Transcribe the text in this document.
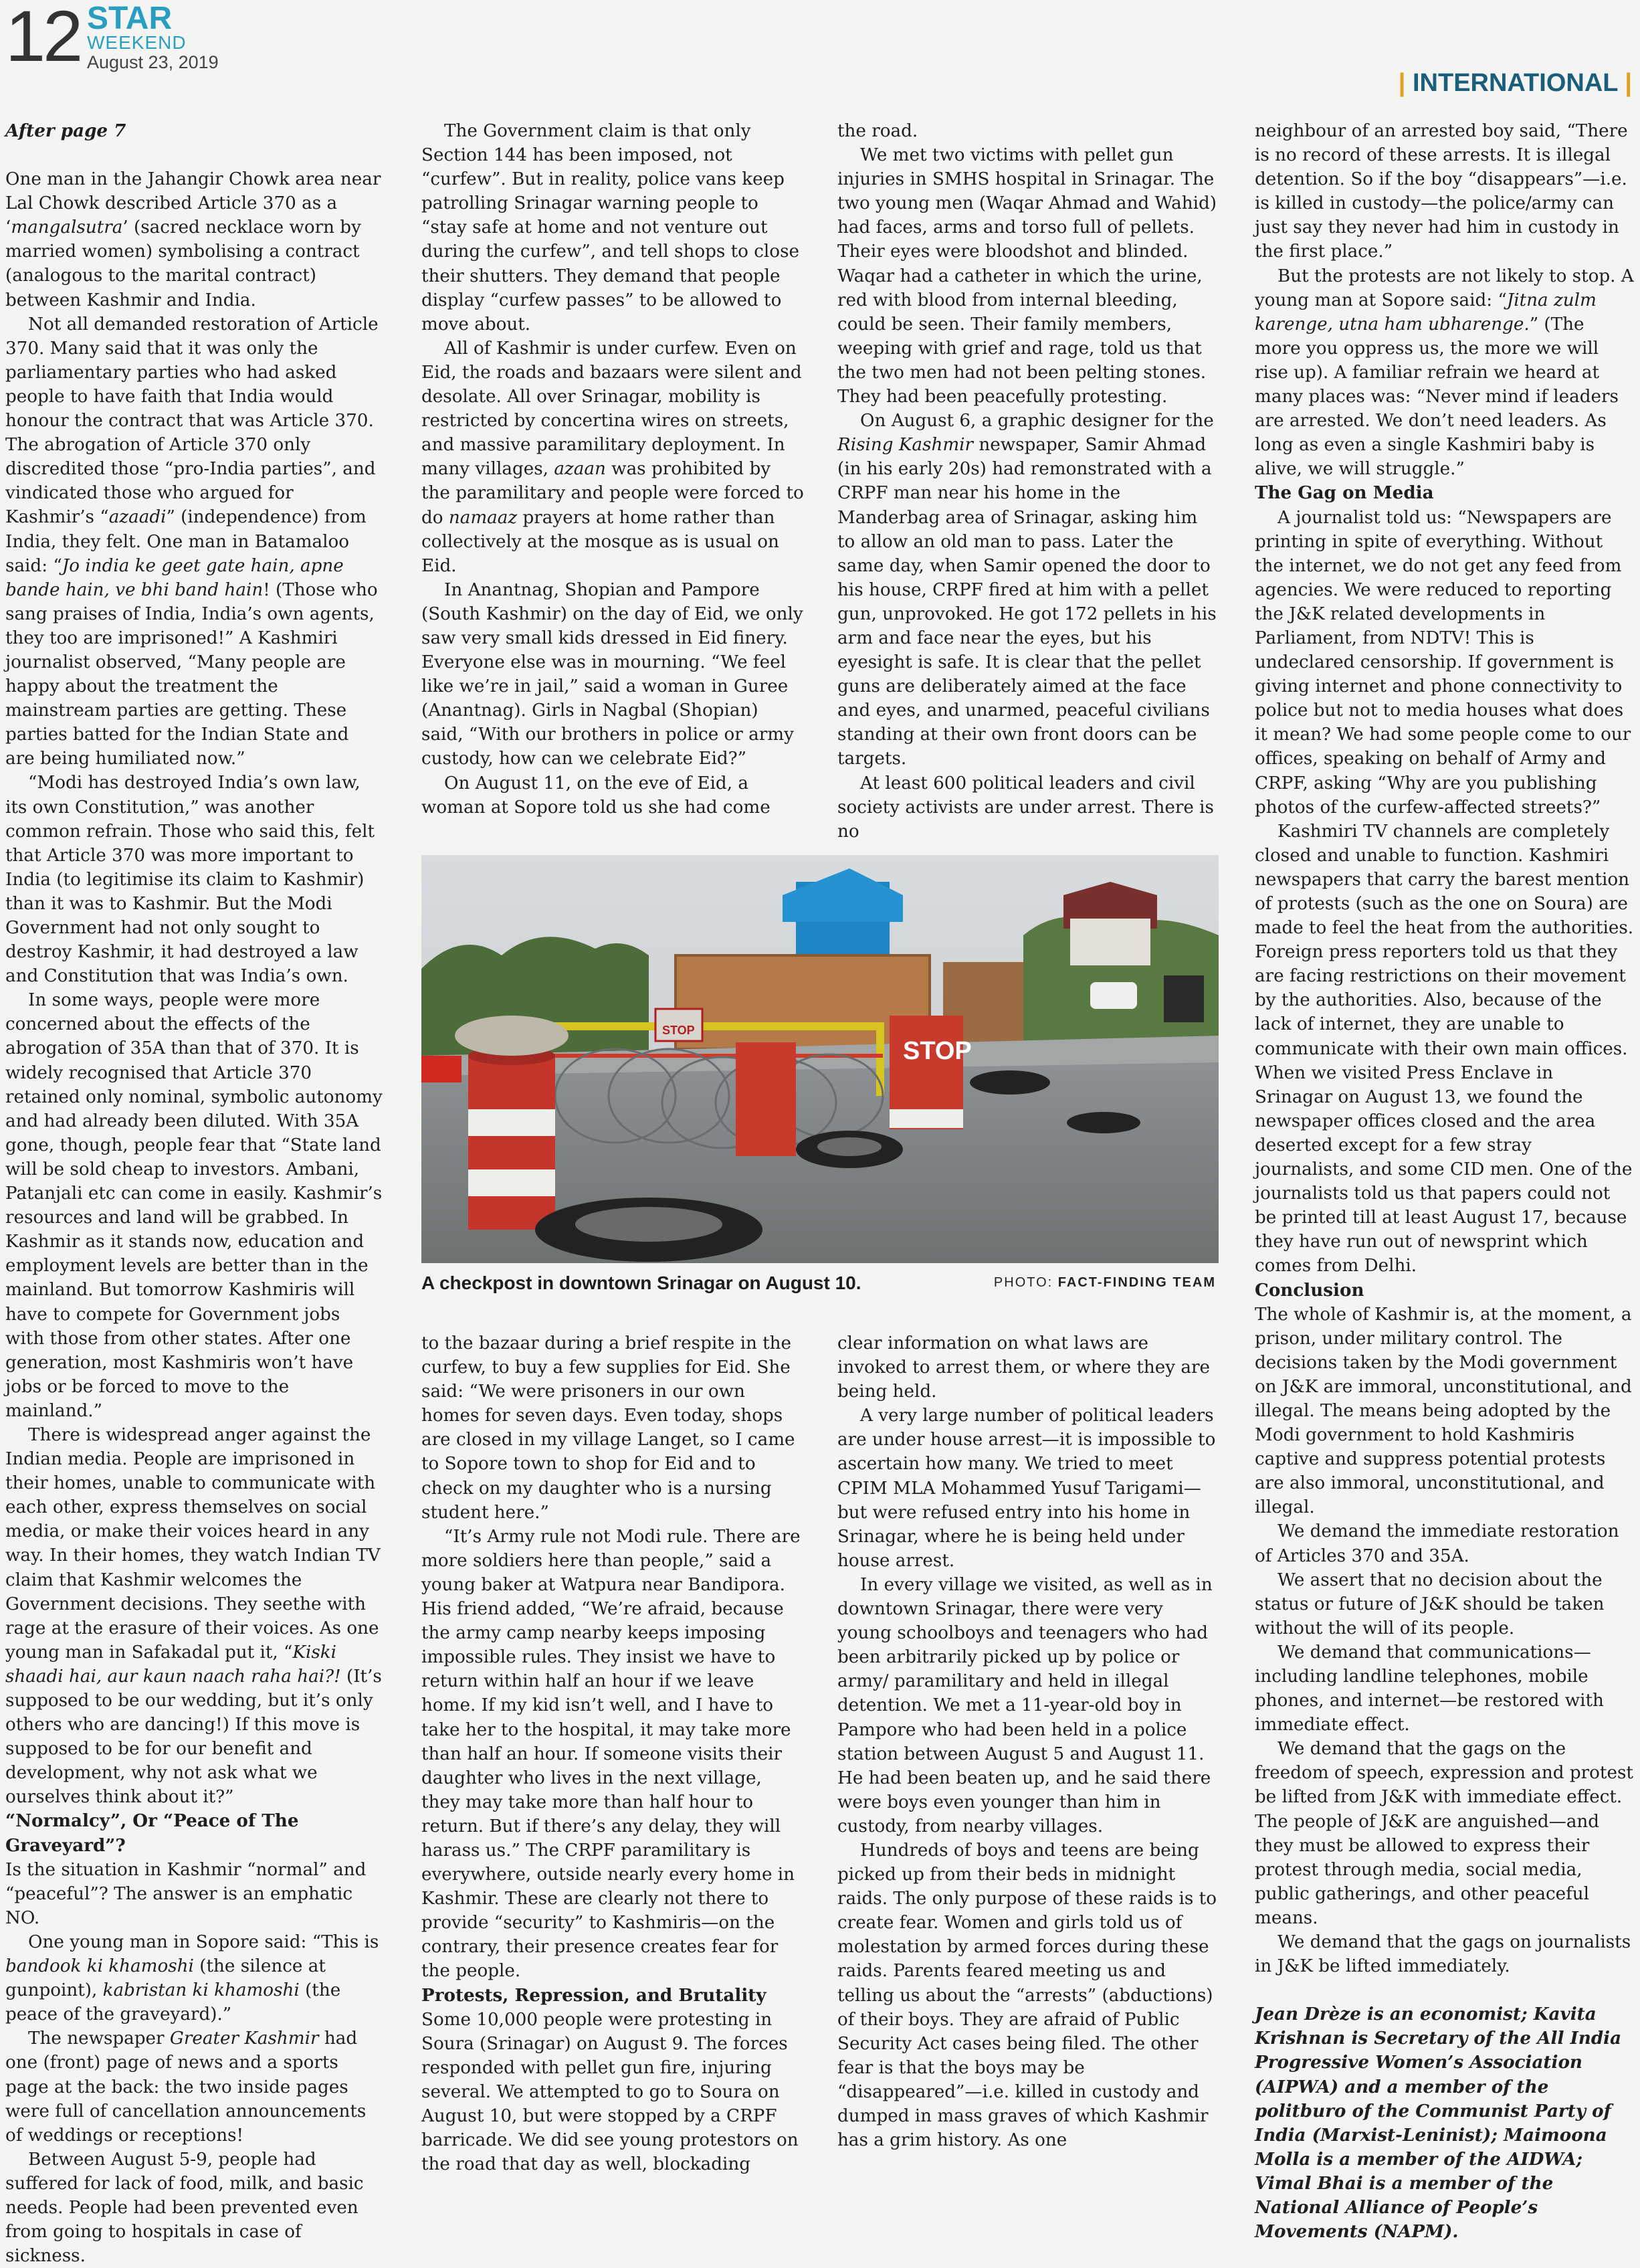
12 STAR
WEEKEND
August 23, 2019
| INTERNATIONAL |

After page 7

One man in the Jahangir Chowk area near Lal Chowk described Article 370 as a ‘mangalsutra’ (sacred necklace worn by married women) symbolising a contract (analogous to the marital contract) between Kashmir and India.

Not all demanded restoration of Article 370. Many said that it was only the parliamentary parties who had asked people to have faith that India would honour the contract that was Article 370. The abrogation of Article 370 only discredited those “pro-India parties”, and vindicated those who argued for Kashmir’s “azaadi” (independence) from India, they felt. One man in Batamaloo said: “Jo india ke geet gate hain, apne bande hain, ve bhi band hain! (Those who sang praises of India, India’s own agents, they too are imprisoned!” A Kashmiri journalist observed, “Many people are happy about the treatment the mainstream parties are getting. These parties batted for the Indian State and are being humiliated now.”

“Modi has destroyed India’s own law, its own Constitution,” was another common refrain. Those who said this, felt that Article 370 was more important to India (to legitimise its claim to Kashmir) than it was to Kashmir. But the Modi Government had not only sought to destroy Kashmir, it had destroyed a law and Constitution that was India’s own.

In some ways, people were more concerned about the effects of the abrogation of 35A than that of 370. It is widely recognised that Article 370 retained only nominal, symbolic autonomy and had already been diluted. With 35A gone, though, people fear that “State land will be sold cheap to investors. Ambani, Patanjali etc can come in easily. Kashmir’s resources and land will be grabbed. In Kashmir as it stands now, education and employment levels are better than in the mainland. But tomorrow Kashmiris will have to compete for Government jobs with those from other states. After one generation, most Kashmiris won’t have jobs or be forced to move to the mainland.”

There is widespread anger against the Indian media. People are imprisoned in their homes, unable to communicate with each other, express themselves on social media, or make their voices heard in any way. In their homes, they watch Indian TV claim that Kashmir welcomes the Government decisions. They seethe with rage at the erasure of their voices. As one young man in Safakadal put it, “Kiski shaadi hai, aur kaun naach raha hai?! (It’s supposed to be our wedding, but it’s only others who are dancing!) If this move is supposed to be for our benefit and development, why not ask what we ourselves think about it?”

“Normalcy”, Or “Peace of The Graveyard”?

Is the situation in Kashmir “normal” and “peaceful”? The answer is an emphatic NO.

One young man in Sopore said: “This is bandook ki khamoshi (the silence at gunpoint), kabristan ki khamoshi (the peace of the graveyard).”

The newspaper Greater Kashmir had one (front) page of news and a sports page at the back: the two inside pages were full of cancellation announcements of weddings or receptions!

Between August 5-9, people had suffered for lack of food, milk, and basic needs. People had been prevented even from going to hospitals in case of sickness.

The Government claim is that only Section 144 has been imposed, not “curfew”. But in reality, police vans keep patrolling Srinagar warning people to “stay safe at home and not venture out during the curfew”, and tell shops to close their shutters. They demand that people display “curfew passes” to be allowed to move about.

All of Kashmir is under curfew. Even on Eid, the roads and bazaars were silent and desolate. All over Srinagar, mobility is restricted by concertina wires on streets, and massive paramilitary deployment. In many villages, azaan was prohibited by the paramilitary and people were forced to do namaaz prayers at home rather than collectively at the mosque as is usual on Eid.

In Anantnag, Shopian and Pampore (South Kashmir) on the day of Eid, we only saw very small kids dressed in Eid finery. Everyone else was in mourning. “We feel like we’re in jail,” said a woman in Guree (Anantnag). Girls in Nagbal (Shopian) said, “With our brothers in police or army custody, how can we celebrate Eid?”

On August 11, on the eve of Eid, a woman at Sopore told us she had come

the road.

We met two victims with pellet gun injuries in SMHS hospital in Srinagar. The two young men (Waqar Ahmad and Wahid) had faces, arms and torso full of pellets. Their eyes were bloodshot and blinded. Waqar had a catheter in which the urine, red with blood from internal bleeding, could be seen. Their family members, weeping with grief and rage, told us that the two men had not been pelting stones. They had been peacefully protesting.

On August 6, a graphic designer for the Rising Kashmir newspaper, Samir Ahmad (in his early 20s) had remonstrated with a CRPF man near his home in the Manderbag area of Srinagar, asking him to allow an old man to pass. Later the same day, when Samir opened the door to his house, CRPF fired at him with a pellet gun, unprovoked. He got 172 pellets in his arm and face near the eyes, but his eyesight is safe. It is clear that the pellet guns are deliberately aimed at the face and eyes, and unarmed, peaceful civilians standing at their own front doors can be targets.

At least 600 political leaders and civil society activists are under arrest. There is no

STOP
STOP
A checkpost in downtown Srinagar on August 10.	PHOTO: FACT-FINDING TEAM

to the bazaar during a brief respite in the curfew, to buy a few supplies for Eid. She said: “We were prisoners in our own homes for seven days. Even today, shops are closed in my village Langet, so I came to Sopore town to shop for Eid and to check on my daughter who is a nursing student here.”

“It’s Army rule not Modi rule. There are more soldiers here than people,” said a young baker at Watpura near Bandipora. His friend added, “We’re afraid, because the army camp nearby keeps imposing impossible rules. They insist we have to return within half an hour if we leave home. If my kid isn’t well, and I have to take her to the hospital, it may take more than half an hour. If someone visits their daughter who lives in the next village, they may take more than half hour to return. But if there’s any delay, they will harass us.” The CRPF paramilitary is everywhere, outside nearly every home in Kashmir. These are clearly not there to provide “security” to Kashmiris—on the contrary, their presence creates fear for the people.

Protests, Repression, and Brutality

Some 10,000 people were protesting in Soura (Srinagar) on August 9. The forces responded with pellet gun fire, injuring several. We attempted to go to Soura on August 10, but were stopped by a CRPF barricade. We did see young protestors on the road that day as well, blockading

clear information on what laws are invoked to arrest them, or where they are being held.

A very large number of political leaders are under house arrest—it is impossible to ascertain how many. We tried to meet CPIM MLA Mohammed Yusuf Tarigami—but were refused entry into his home in Srinagar, where he is being held under house arrest.

In every village we visited, as well as in downtown Srinagar, there were very young schoolboys and teenagers who had been arbitrarily picked up by police or army/ paramilitary and held in illegal detention. We met a 11-year-old boy in Pampore who had been held in a police station between August 5 and August 11. He had been beaten up, and he said there were boys even younger than him in custody, from nearby villages.

Hundreds of boys and teens are being picked up from their beds in midnight raids. The only purpose of these raids is to create fear. Women and girls told us of molestation by armed forces during these raids. Parents feared meeting us and telling us about the “arrests” (abductions) of their boys. They are afraid of Public Security Act cases being filed. The other fear is that the boys may be “disappeared”—i.e. killed in custody and dumped in mass graves of which Kashmir has a grim history. As one

neighbour of an arrested boy said, “There is no record of these arrests. It is illegal detention. So if the boy “disappears”—i.e. is killed in custody—the police/army can just say they never had him in custody in the first place.”

But the protests are not likely to stop. A young man at Sopore said: “Jitna zulm karenge, utna ham ubharenge.” (The more you oppress us, the more we will rise up). A familiar refrain we heard at many places was: “Never mind if leaders are arrested. We don’t need leaders. As long as even a single Kashmiri baby is alive, we will struggle.”

The Gag on Media

A journalist told us: “Newspapers are printing in spite of everything. Without the internet, we do not get any feed from agencies. We were reduced to reporting the J&K related developments in Parliament, from NDTV! This is undeclared censorship. If government is giving internet and phone connectivity to police but not to media houses what does it mean? We had some people come to our offices, speaking on behalf of Army and CRPF, asking “Why are you publishing photos of the curfew-affected streets?”

Kashmiri TV channels are completely closed and unable to function. Kashmiri newspapers that carry the barest mention of protests (such as the one on Soura) are made to feel the heat from the authorities. Foreign press reporters told us that they are facing restrictions on their movement by the authorities. Also, because of the lack of internet, they are unable to communicate with their own main offices. When we visited Press Enclave in Srinagar on August 13, we found the newspaper offices closed and the area deserted except for a few stray journalists, and some CID men. One of the journalists told us that papers could not be printed till at least August 17, because they have run out of newsprint which comes from Delhi.

Conclusion

The whole of Kashmir is, at the moment, a prison, under military control. The decisions taken by the Modi government on J&K are immoral, unconstitutional, and illegal. The means being adopted by the Modi government to hold Kashmiris captive and suppress potential protests are also immoral, unconstitutional, and illegal.

We demand the immediate restoration of Articles 370 and 35A.

We assert that no decision about the status or future of J&K should be taken without the will of its people.

We demand that communications—including landline telephones, mobile phones, and internet—be restored with immediate effect.

We demand that the gags on the freedom of speech, expression and protest be lifted from J&K with immediate effect. The people of J&K are anguished—and they must be allowed to express their protest through media, social media, public gatherings, and other peaceful means.

We demand that the gags on journalists in J&K be lifted immediately.

Jean Drèze is an economist; Kavita Krishnan is Secretary of the All India Progressive Women’s Association (AIPWA) and a member of the politburo of the Communist Party of India (Marxist-Leninist); Maimoona Molla is a member of the AIDWA; Vimal Bhai is a member of the National Alliance of People’s Movements (NAPM).
